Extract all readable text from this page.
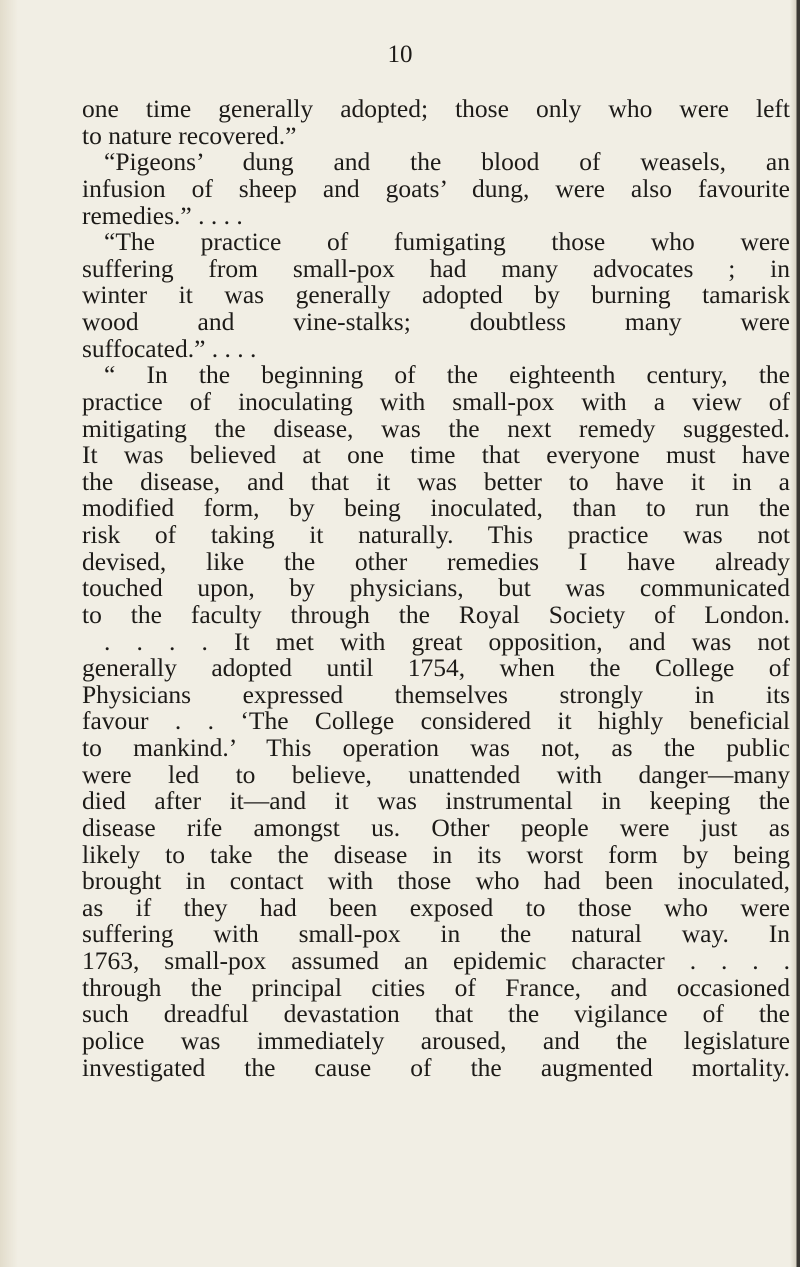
10
one time generally adopted; those only who were left
to nature recovered.”
“Pigeons’ dung and the blood of weasels, an
infusion of sheep and goats’ dung, were also favourite
remedies.” . . . .
“The practice of fumigating those who were
suffering from small-pox had many advocates ; in
winter it was generally adopted by burning tamarisk
wood and vine-stalks; doubtless many were
suffocated.” . . . .
“ In the beginning of the eighteenth century, the
practice of inoculating with small-pox with a view of
mitigating the disease, was the next remedy suggested.
It was believed at one time that everyone must have
the disease, and that it was better to have it in a
modified form, by being inoculated, than to run the
risk of taking it naturally. This practice was not
devised, like the other remedies I have already
touched upon, by physicians, but was communicated
to the faculty through the Royal Society of London.
. . . . It met with great opposition, and was not
generally adopted until 1754, when the College of
Physicians expressed themselves strongly in its
favour . . ‘The College considered it highly beneficial
to mankind.’ This operation was not, as the public
were led to believe, unattended with danger—many
died after it—and it was instrumental in keeping the
disease rife amongst us. Other people were just as
likely to take the disease in its worst form by being
brought in contact with those who had been inoculated,
as if they had been exposed to those who were
suffering with small-pox in the natural way. In
1763, small-pox assumed an epidemic character . . . .
through the principal cities of France, and occasioned
such dreadful devastation that the vigilance of the
police was immediately aroused, and the legislature
investigated the cause of the augmented mortality.
